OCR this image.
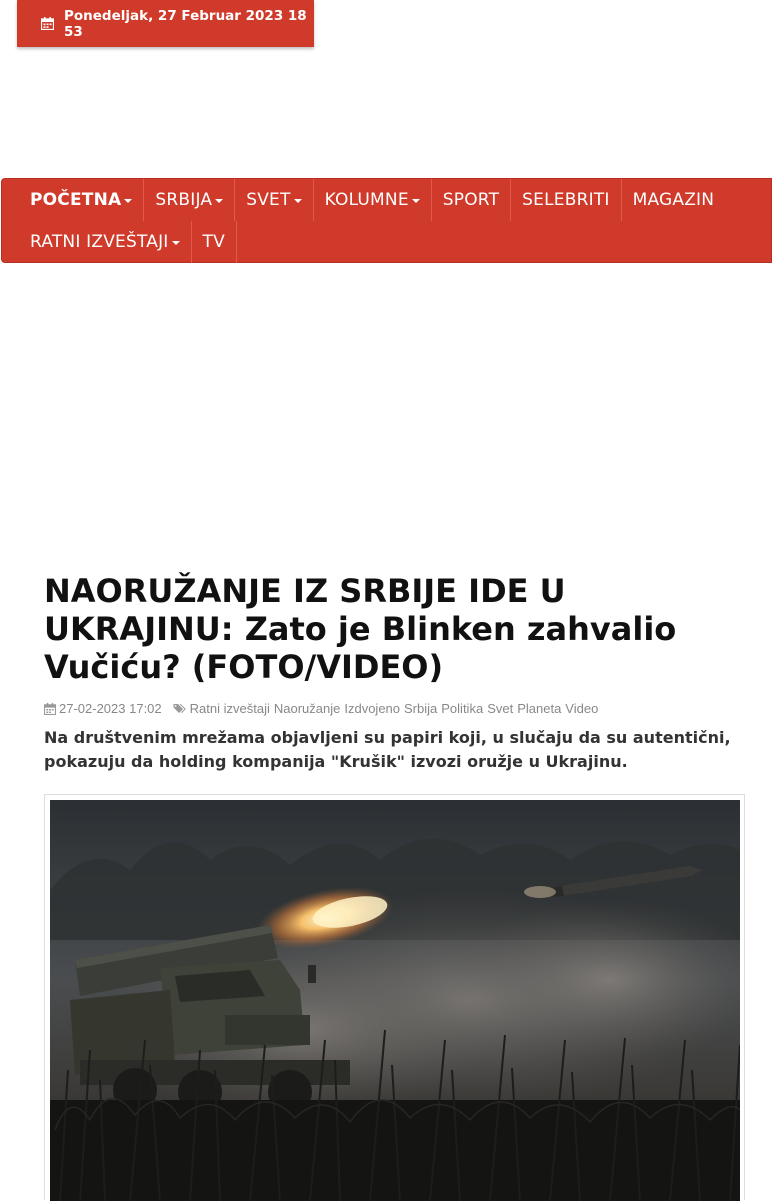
Ponedeljak, 27 Februar 2023 18 53
POČETNA SRBIJA SVET KOLUMNE SPORT SELEBRITI MAGAZIN
RATNI IZVEŠTAJI TV
NAORUŽANJE IZ SRBIJE IDE U UKRAJINU: Zato je Blinken zahvalio Vučiću? (FOTO/VIDEO)
27-02-2023 17:02 Ratni izveštaji Naoružanje Izdvojeno Srbija Politika Svet Planeta Video

Na društvenim mrežama objavljeni su papiri koji, u slučaju da su autentični, pokazuju da holding kompanija "Krušik" izvozi oružje u Ukrajinu.
